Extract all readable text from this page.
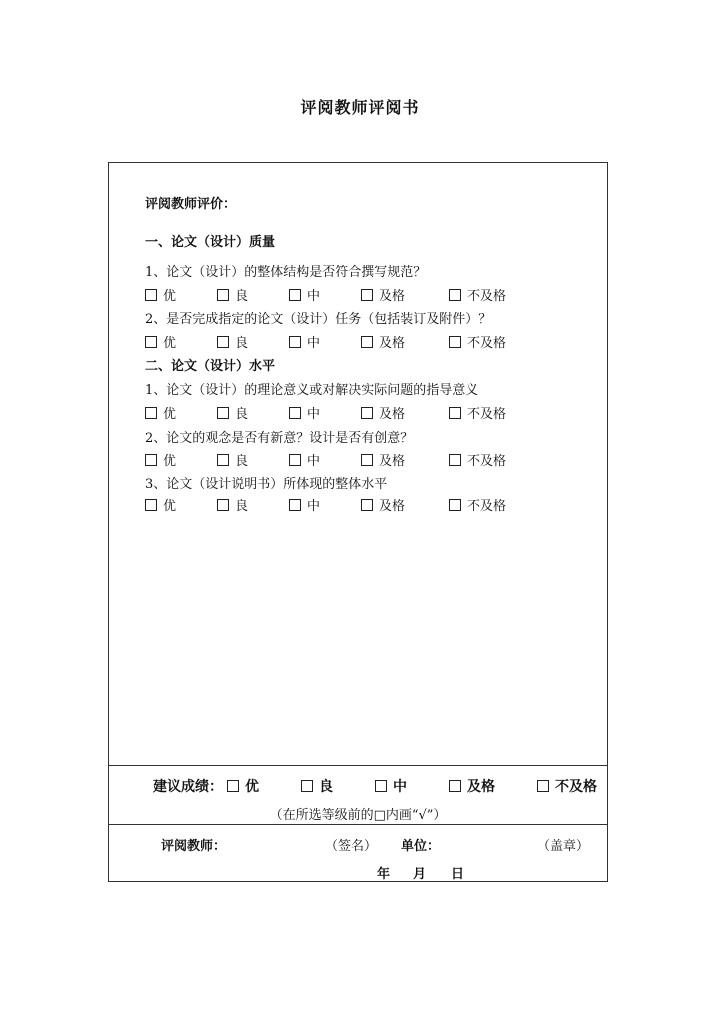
评阅教师评阅书
评阅教师评价：
一、论文（设计）质量
1、论文（设计）的整体结构是否符合撰写规范？
优	良	中	及格	不及格
2、是否完成指定的论文（设计）任务（包括装订及附件）？
优	良	中	及格	不及格
二、论文（设计）水平
1、论文（设计）的理论意义或对解决实际问题的指导意义
优	良	中	及格	不及格
2、论文的观念是否有新意？设计是否有创意？
优	良	中	及格	不及格
3、论文（设计说明书）所体现的整体水平
优	良	中	及格	不及格
建议成绩：	优	良	中	及格	不及格
（在所选等级前的□内画“√”）
评阅教师：	（签名） 单位：	（盖章）
年 月 日
